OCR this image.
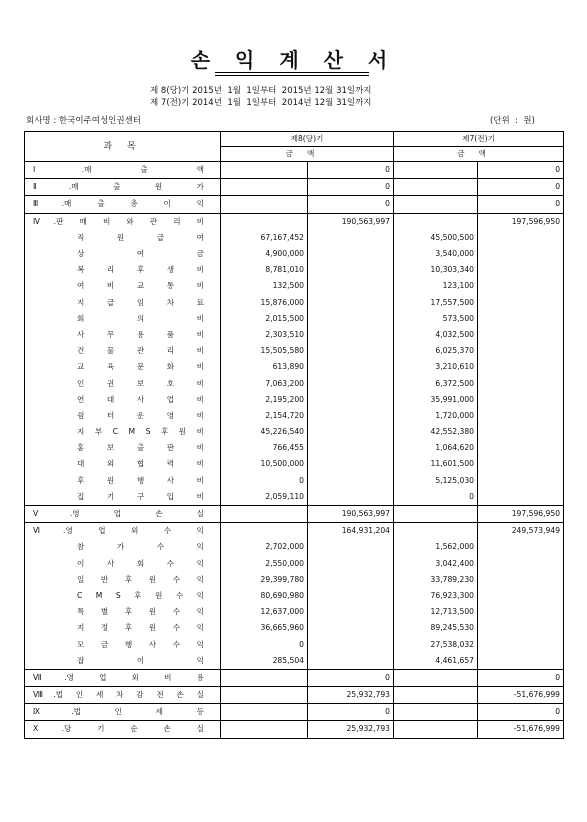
손 익 계 산 서
제 8(당)기 2015년  1월  1일부터  2015년 12월 31일까지
제 7(전)기 2014년  1월  1일부터  2014년 12월 31일까지
회사명 : 한국이주여성인권센터	(단위  :  원)
과 목	제8(당)기		제7(전)기	
	금액		금액	
Ⅰ.매 출 액		0		0
Ⅱ.매 출 원 가		0		0
Ⅲ.매 출 총 이 익		0		0
Ⅳ.판 매 비 와 관 리 비		190,563,997		197,596,950
직 원 급 여	67,167,452		45,500,500	
상 여 금	4,900,000		3,540,000	
복 리 후 생 비	8,781,010		10,303,340	
여 비 교 통 비	132,500		123,100	
지 급 임 차 료	15,876,000		17,557,500	
회 의 비	2,015,500		573,500	
사 무 용 품 비	2,303,510		4,032,500	
건 물 관 리 비	15,505,580		6,025,370	
교 육 문 화 비	613,890		3,210,610	
인 권 보 호 비	7,063,200		6,372,500	
연 대 사 업 비	2,195,200		35,991,000	
쉼 터 운 영 비	2,154,720		1,720,000	
지 부 C M S 후 원 비	45,226,540		42,552,380	
홍 보 출 판 비	766,455		1,064,620	
대 외 협 력 비	10,500,000		11,601,500	
후 원 행 사 비	0		5,125,030	
집 기 구 입 비	2,059,110		0	
Ⅴ.영 업 손 실		190,563,997		197,596,950
Ⅵ.영 업 외 수 익		164,931,204		249,573,949
참 가 수 익	2,702,000		1,562,000	
이 사 회 수 익	2,550,000		3,042,400	
일 반 후 원 수 익	29,399,780		33,789,230	
C M S 후 원 수 익	80,690,980		76,923,300	
특 별 후 원 수 익	12,637,000		12,713,500	
지 정 후 원 수 익	36,665,960		89,245,530	
모 금 행 사 수 익	0		27,538,032	
잡 이 익	285,504		4,461,657	
Ⅶ.영 업 외 비 용		0		0
Ⅷ.법 인 세 차 감 전 손 실		25,932,793		-51,676,999
Ⅸ.법 인 세 등		0		0
Ⅹ.당 기 순 손 실		25,932,793		-51,676,999
